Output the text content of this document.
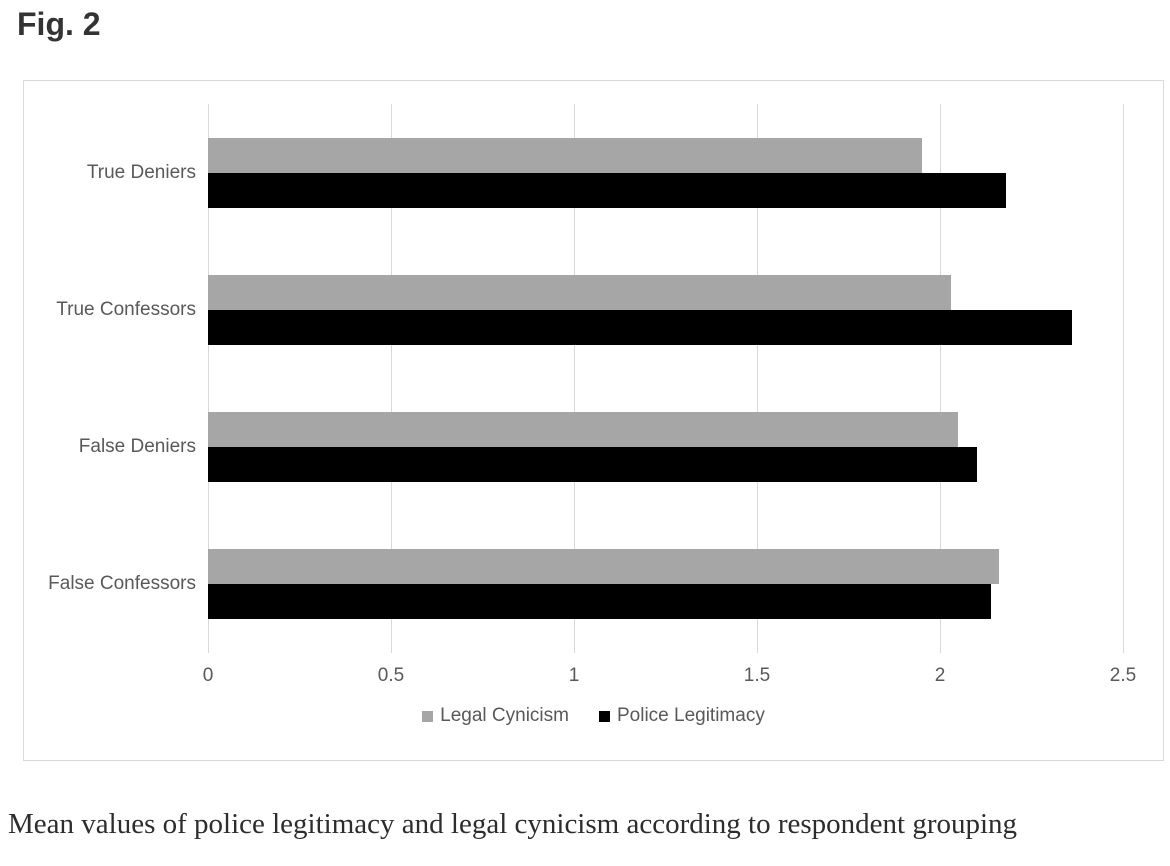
Fig. 2
True Deniers
True Confessors
False Deniers
False Confessors
0	0.5	1	1.5	2	2.5
Legal Cynicism	Police Legitimacy
Mean values of police legitimacy and legal cynicism according to respondent grouping
